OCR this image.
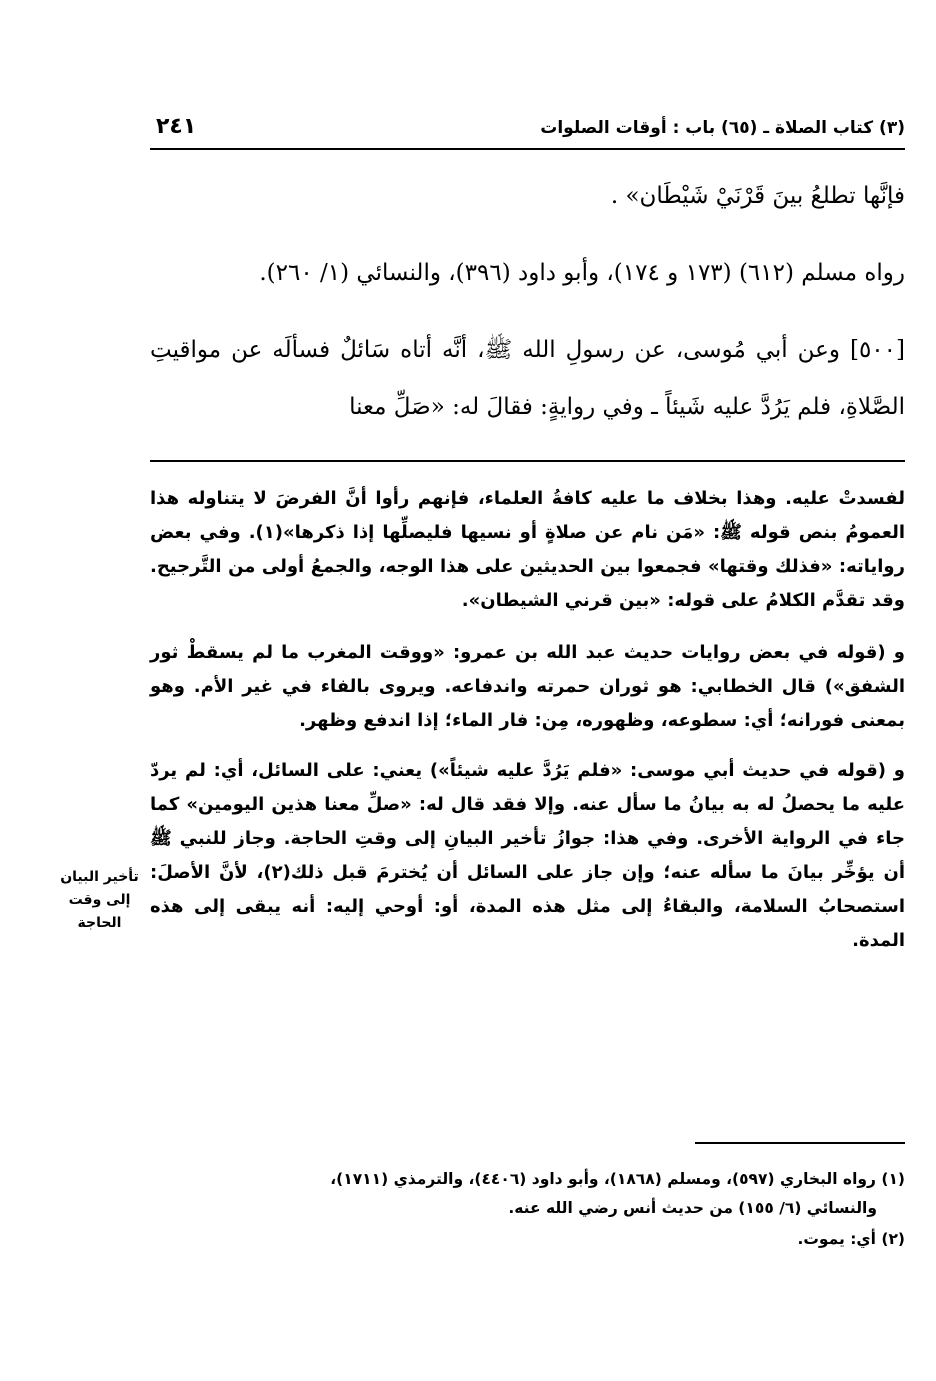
٢٤١	(٣) كتاب الصلاة ـ (٦٥) باب : أوقات الصلوات

فإنَّها تطلعُ بينَ قَرْنَيْ شَيْطَان» .

رواه مسلم (٦١٢) (١٧٣ و ١٧٤)، وأبو داود (٣٩٦)، والنسائي (١/ ٢٦٠).

[٥٠٠] وعن أبي مُوسى، عن رسولِ الله ﷺ، أنَّه أتاه سَائلٌ فسألَه عن مواقيتِ الصَّلاةِ، فلم يَرُدَّ عليه شَيئاً ـ وفي روايةٍ: فقالَ له: «صَلِّ معنا

لفسدتْ عليه. وهذا بخلاف ما عليه كافةُ العلماء، فإنهم رأوا أنَّ الفرضَ لا يتناوله هذا العمومُ بنص قوله ﷺ: «مَن نام عن صلاةٍ أو نسيها فليصلِّها إذا ذكرها»(١). وفي بعض رواياته: «فذلك وقتها» فجمعوا بين الحديثين على هذا الوجه، والجمعُ أولى من التَّرجيح. وقد تقدَّم الكلامُ على قوله: «بين قرني الشيطان».

و (قوله في بعض روايات حديث عبد الله بن عمرو: «ووقت المغرب ما لم يسقطْ ثور الشفق») قال الخطابي: هو ثوران حمرته واندفاعه. ويروى بالفاء في غير الأم. وهو بمعنى فورانه؛ أي: سطوعه، وظهوره، مِن: فار الماء؛ إذا اندفع وظهر.

و (قوله في حديث أبي موسى: «فلم يَرُدَّ عليه شيئاً») يعني: على السائل، أي: لم يردّ عليه ما يحصلُ له به بيانُ ما سأل عنه. وإلا فقد قال له: «صلِّ معنا هذين اليومين» كما جاء في الرواية الأخرى. وفي هذا: جوازُ تأخير البيانِ إلى وقتِ الحاجة. وجاز للنبي ﷺ أن يؤخِّر بيانَ ما سأله عنه؛ وإن جاز على السائل أن يُخترمَ قبل ذلك(٢)، لأنَّ الأصلَ: استصحابُ السلامة، والبقاءُ إلى مثل هذه المدة، أو: أوحي إليه: أنه يبقى إلى هذه المدة.

تأخير البيان إلى وقت الحاجة

(١) رواه البخاري (٥٩٧)، ومسلم (١٨٦٨)، وأبو داود (٤٤٠٦)، والترمذي (١٧١١)،

والنسائي (٦/ ١٥٥) من حديث أنس رضي الله عنه.

(٢) أي: يموت.
